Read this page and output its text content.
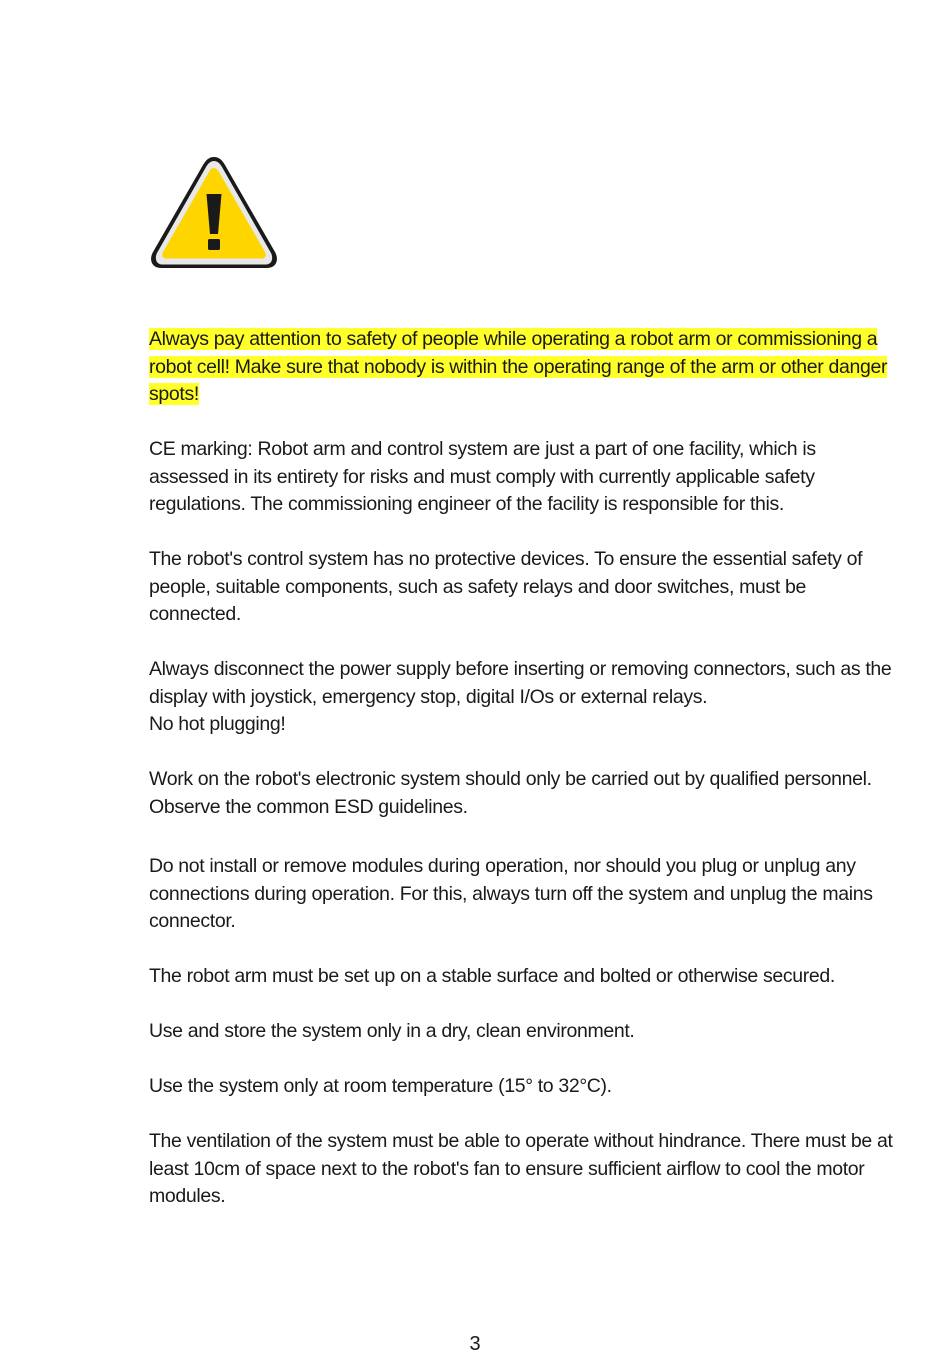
Always pay attention to safety of people while operating a robot arm or commissioning a robot cell! Make sure that nobody is within the operating range of the arm or other danger spots!

CE marking: Robot arm and control system are just a part of one facility, which is assessed in its entirety for risks and must comply with currently applicable safety regulations. The commissioning engineer of the facility is responsible for this.

The robot's control system has no protective devices. To ensure the essential safety of people, suitable components, such as safety relays and door switches, must be connected.

Always disconnect the power supply before inserting or removing connectors, such as the display with joystick, emergency stop, digital I/Os or external relays.
No hot plugging!

Work on the robot's electronic system should only be carried out by qualified personnel. Observe the common ESD guidelines.

Do not install or remove modules during operation, nor should you plug or unplug any connections during operation. For this, always turn off the system and unplug the mains connector.

The robot arm must be set up on a stable surface and bolted or otherwise secured.

Use and store the system only in a dry, clean environment.

Use the system only at room temperature (15° to 32°C).

The ventilation of the system must be able to operate without hindrance. There must be at least 10cm of space next to the robot's fan to ensure sufficient airflow to cool the motor modules.

3
